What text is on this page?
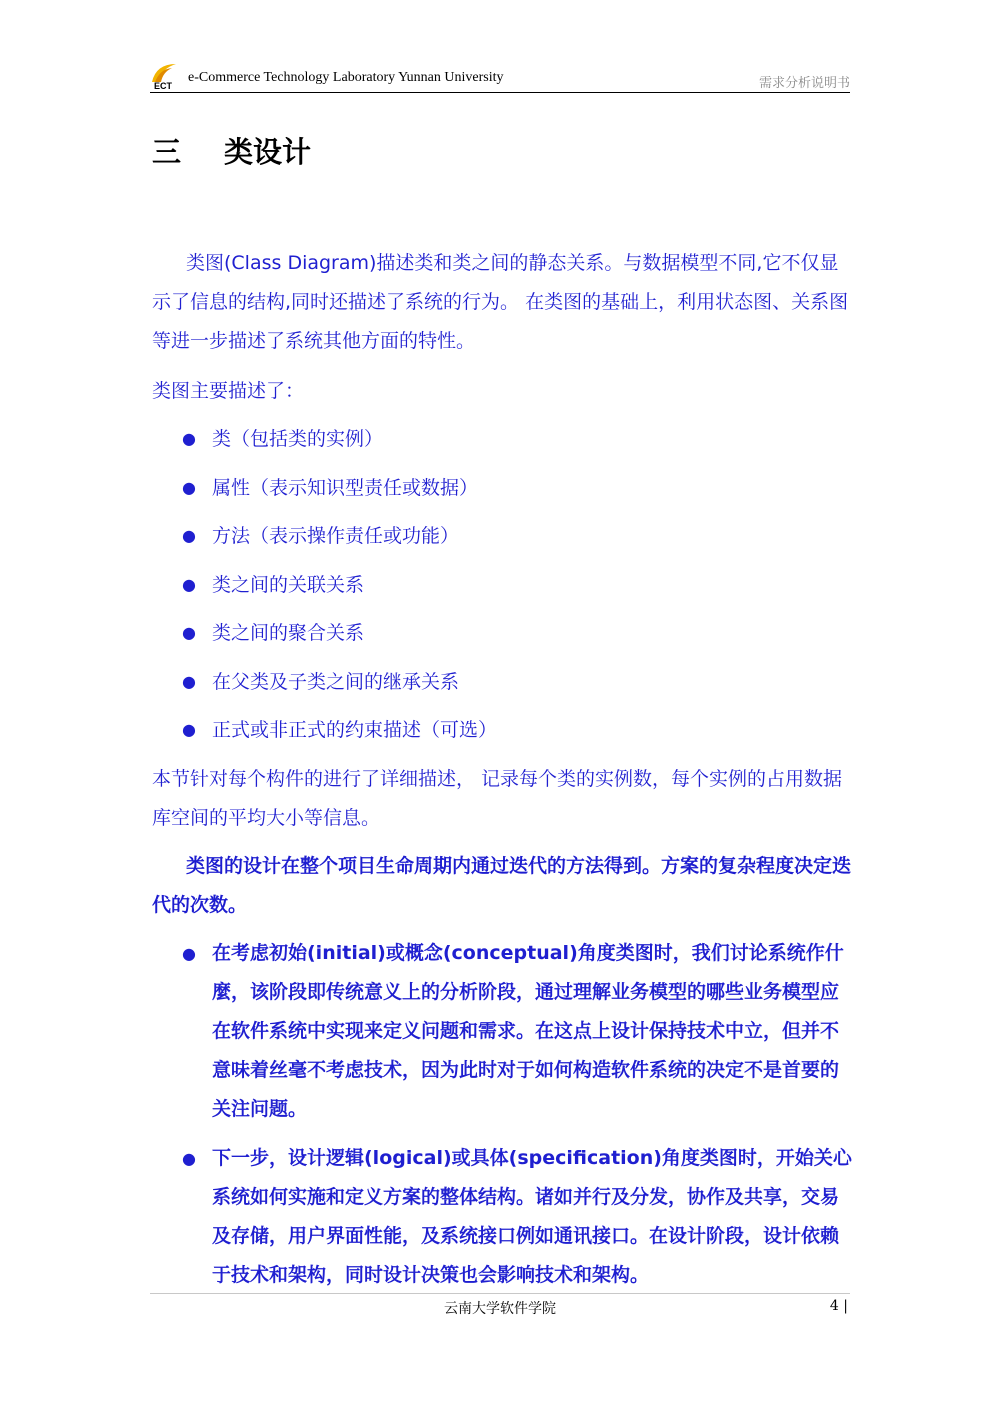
ECT
e-Commerce Technology Laboratory Yunnan University	需求分析说明书
三 类设计
类图(Class Diagram)描述类和类之间的静态关系。与数据模型不同,它不仅显示了信息的结构,同时还描述了系统的行为。 在类图的基础上，利用状态图、关系图等进一步描述了系统其他方面的特性。
类图主要描述了：
● 类（包括类的实例）
● 属性（表示知识型责任或数据）
● 方法（表示操作责任或功能）
● 类之间的关联关系
● 类之间的聚合关系
● 在父类及子类之间的继承关系
● 正式或非正式的约束描述（可选）
本节针对每个构件的进行了详细描述， 记录每个类的实例数，每个实例的占用数据库空间的平均大小等信息。
类图的设计在整个项目生命周期内通过迭代的方法得到。方案的复杂程度决定迭代的次数。
● 在考虑初始(initial)或概念(conceptual)角度类图时，我们讨论系统作什麼，该阶段即传统意义上的分析阶段，通过理解业务模型的哪些业务模型应在软件系统中实现来定义问题和需求。在这点上设计保持技术中立，但并不意味着丝毫不考虑技术，因为此时对于如何构造软件系统的决定不是首要的关注问题。
● 下一步，设计逻辑(logical)或具体(specification)角度类图时，开始关心系统如何实施和定义方案的整体结构。诸如并行及分发，协作及共享，交易及存储，用户界面性能，及系统接口例如通讯接口。在设计阶段，设计依赖于技术和架构，同时设计决策也会影响技术和架构。
云南大学软件学院	4 |
